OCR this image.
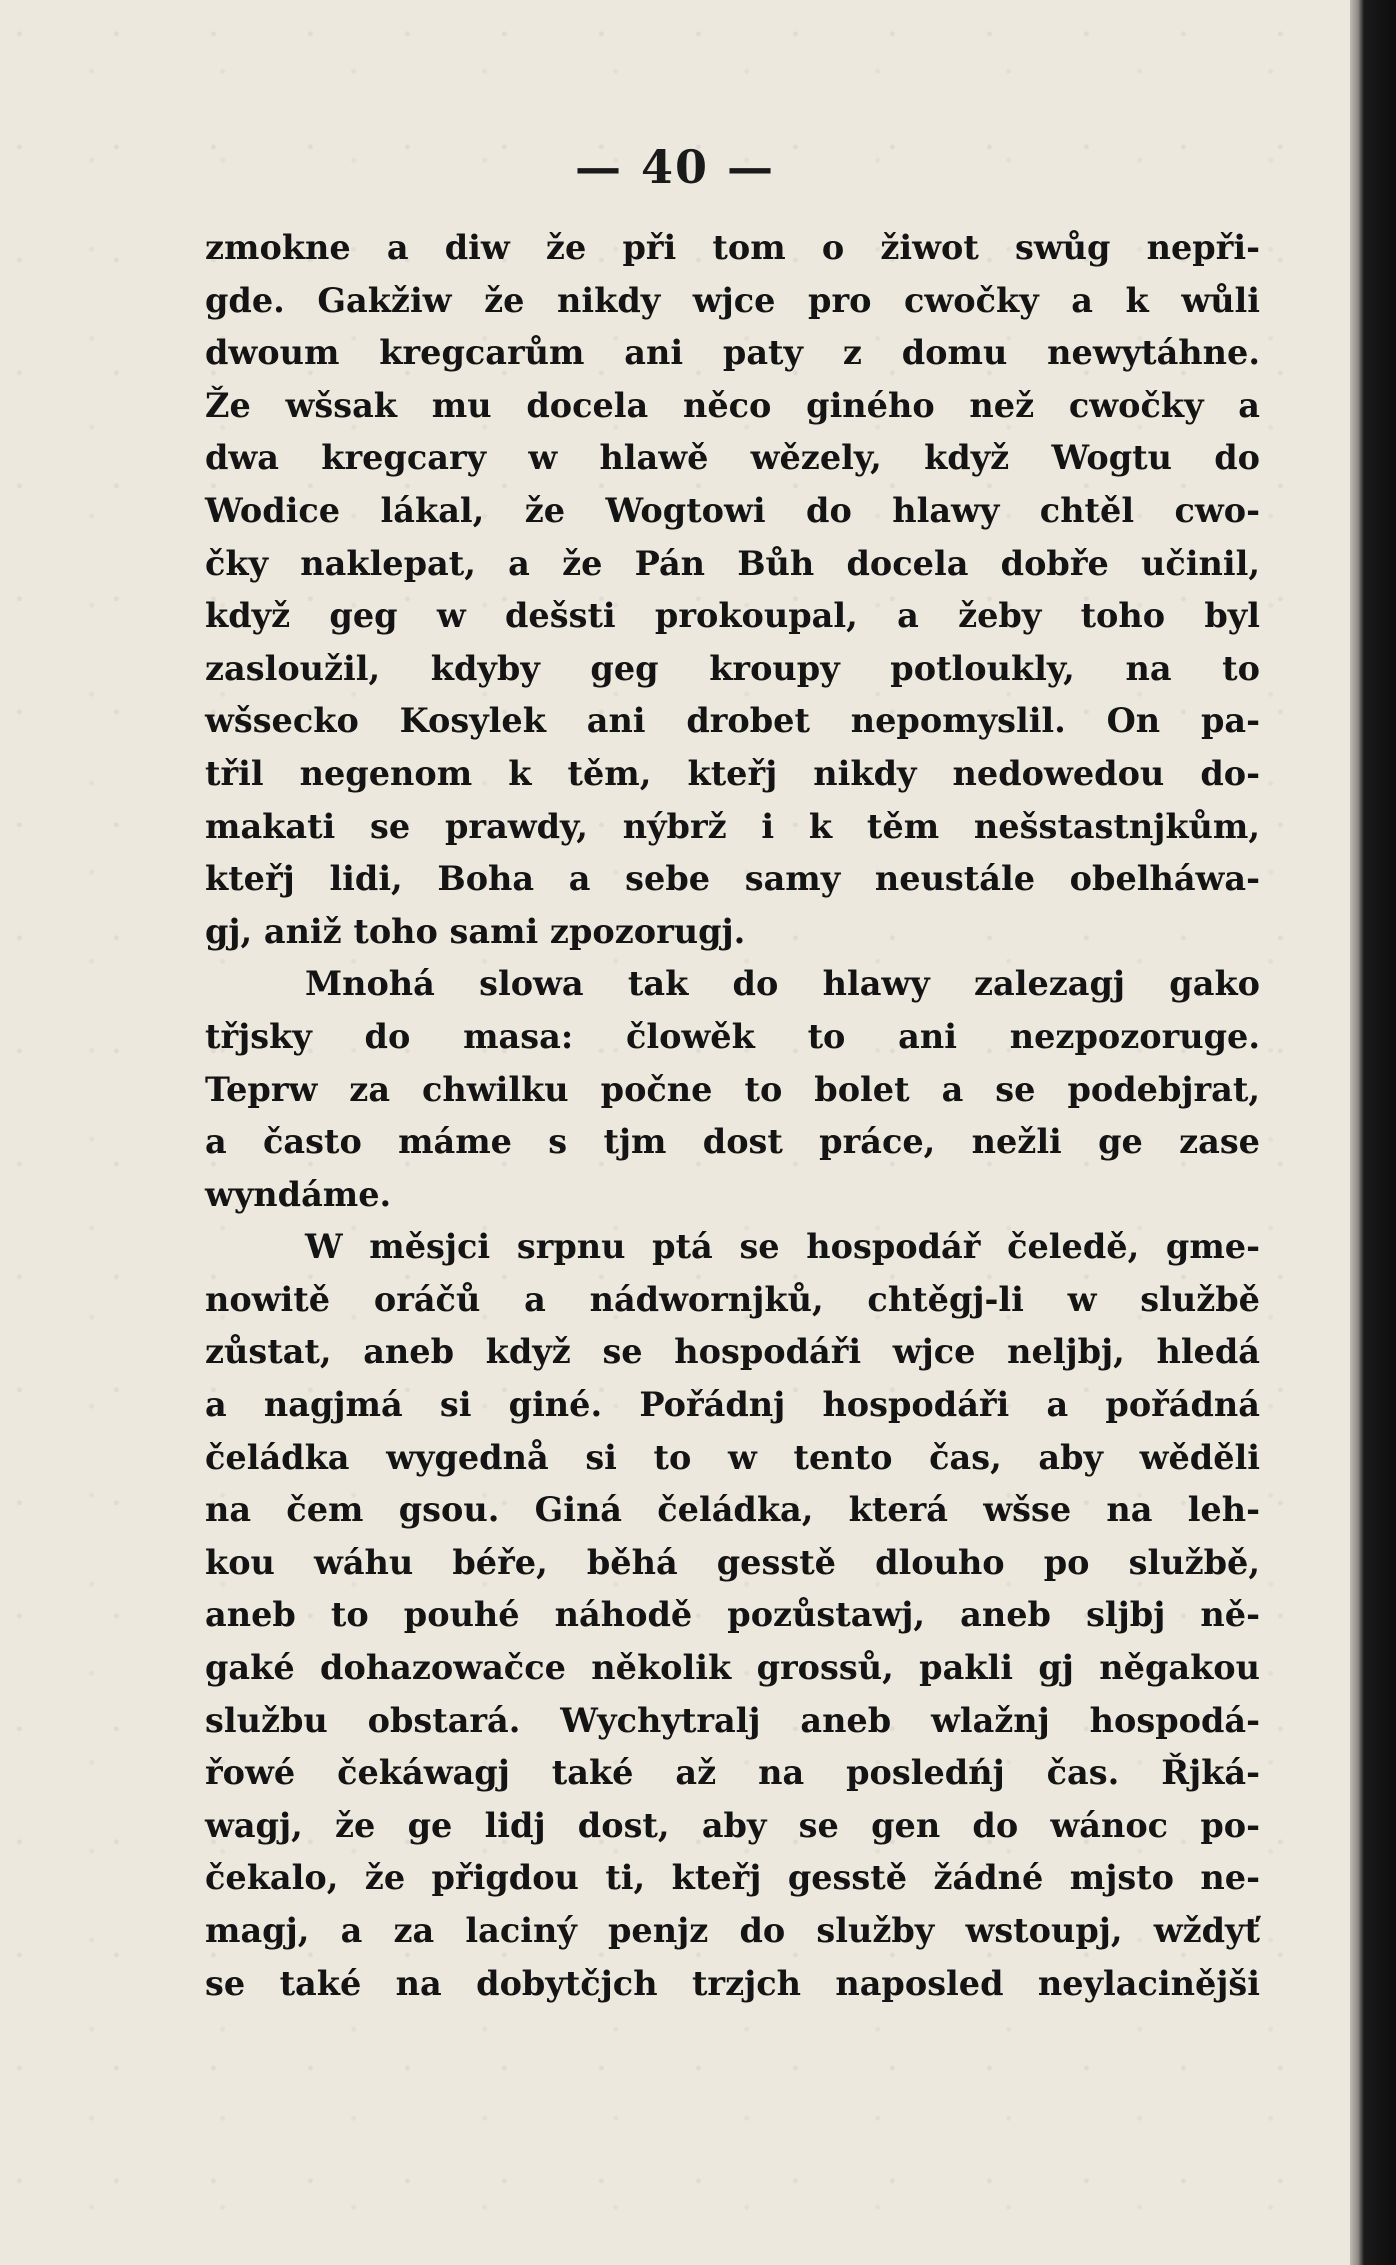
— 40 —
zmokne a diw že při tom o žiwot swůg nepři-
gde. Gakžiw že nikdy wjce pro cwočky a k wůli
dwoum kregcarům ani paty z domu newytáhne.
Že wšsak mu docela něco giného než cwočky a
dwa kregcary w hlawě wězely, když Wogtu do
Wodice lákal, že Wogtowi do hlawy chtěl cwo-
čky naklepat, a že Pán Bůh docela dobře učinil,
když geg w dešsti prokoupal, a žeby toho byl
zasloužil, kdyby geg kroupy potloukly, na to
wšsecko Kosylek ani drobet nepomyslil. On pa-
třil negenom k těm, kteřj nikdy nedowedou do-
makati se prawdy, nýbrž i k těm nešstastnjkům,
kteřj lidi, Boha a sebe samy neustále obelháwa-
gj, aniž toho sami zpozorugj.
Mnohá slowa tak do hlawy zalezagj gako
třjsky do masa: člowěk to ani nezpozoruge.
Teprw za chwilku počne to bolet a se podebjrat,
a často máme s tjm dost práce, nežli ge zase
wyndáme.
W měsjci srpnu ptá se hospodář čeledě, gme-
nowitě oráčů a nádwornjků, chtěgj-li w službě
zůstat, aneb když se hospodáři wjce neljbj, hledá
a nagjmá si giné. Pořádnj hospodáři a pořádná
čeládka wygednå si to w tento čas, aby wěděli
na čem gsou. Giná čeládka, která wšse na leh-
kou wáhu béře, běhá gesstě dlouho po službě,
aneb to pouhé náhodě pozůstawj, aneb sljbj ně-
gaké dohazowačce několik grossů, pakli gj něgakou
službu obstará. Wychytralj aneb wlažnj hospodá-
řowé čekáwagj také až na posledńj čas. Řjká-
wagj, že ge lidj dost, aby se gen do wánoc po-
čekalo, že přigdou ti, kteřj gesstě žádné mjsto ne-
magj, a za laciný penjz do služby wstoupj, wždyť
se také na dobytčjch trzjch naposled neylacinějši
